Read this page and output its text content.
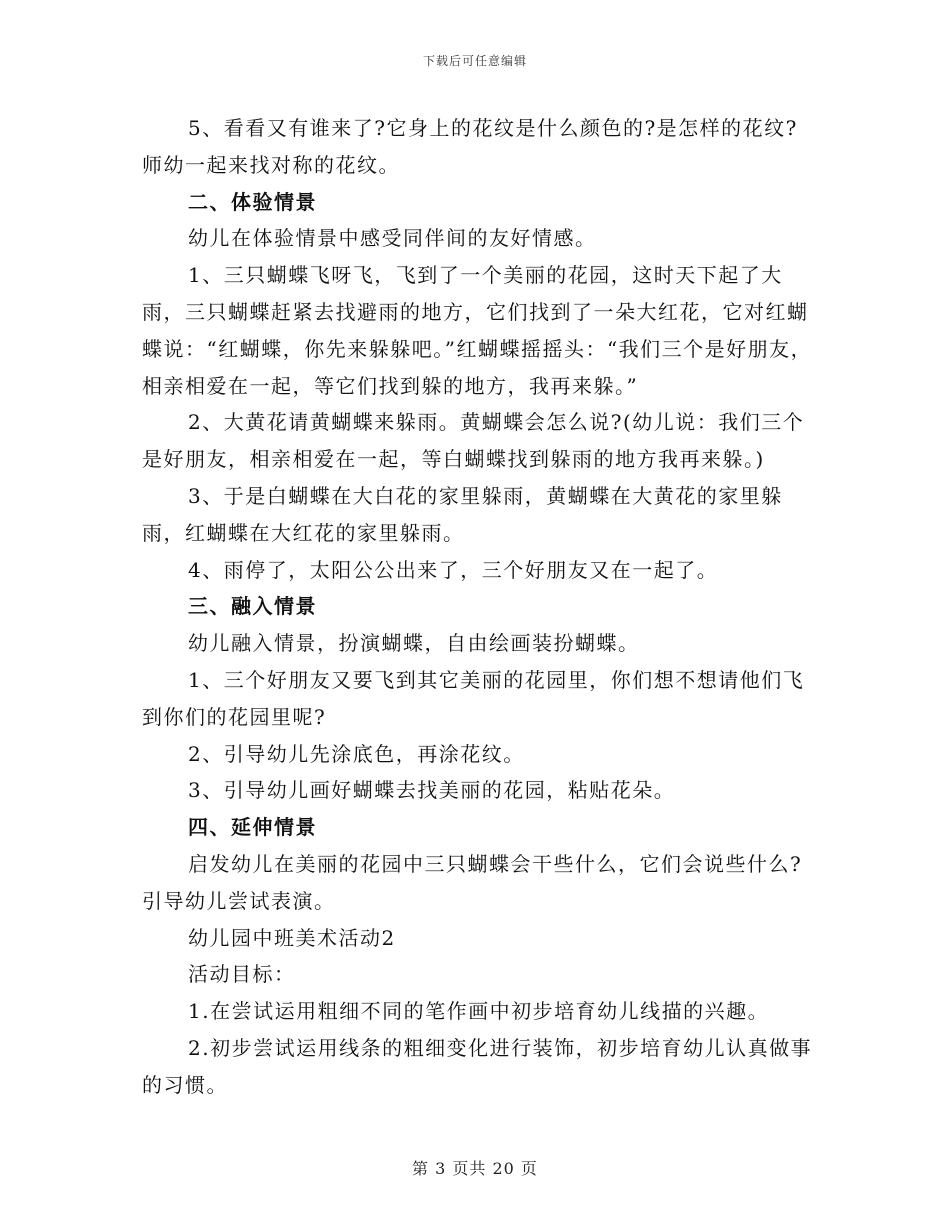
下载后可任意编辑

5、看看又有谁来了?它身上的花纹是什么颜色的?是怎样的花纹?师幼一起来找对称的花纹。

二、体验情景

幼儿在体验情景中感受同伴间的友好情感。

1、三只蝴蝶飞呀飞，飞到了一个美丽的花园，这时天下起了大雨，三只蝴蝶赶紧去找避雨的地方，它们找到了一朵大红花，它对红蝴蝶说：“红蝴蝶，你先来躲躲吧。”红蝴蝶摇摇头：“我们三个是好朋友，相亲相爱在一起，等它们找到躲的地方，我再来躲。”

2、大黄花请黄蝴蝶来躲雨。黄蝴蝶会怎么说?(幼儿说：我们三个是好朋友，相亲相爱在一起，等白蝴蝶找到躲雨的地方我再来躲。)

3、于是白蝴蝶在大白花的家里躲雨，黄蝴蝶在大黄花的家里躲雨，红蝴蝶在大红花的家里躲雨。

4、雨停了，太阳公公出来了，三个好朋友又在一起了。

三、融入情景

幼儿融入情景，扮演蝴蝶，自由绘画装扮蝴蝶。

1、三个好朋友又要飞到其它美丽的花园里，你们想不想请他们飞到你们的花园里呢?

2、引导幼儿先涂底色，再涂花纹。

3、引导幼儿画好蝴蝶去找美丽的花园，粘贴花朵。

四、延伸情景

启发幼儿在美丽的花园中三只蝴蝶会干些什么，它们会说些什么?引导幼儿尝试表演。

幼儿园中班美术活动2

活动目标：

1.在尝试运用粗细不同的笔作画中初步培育幼儿线描的兴趣。

2.初步尝试运用线条的粗细变化进行装饰，初步培育幼儿认真做事的习惯。

第 3 页共 20 页
